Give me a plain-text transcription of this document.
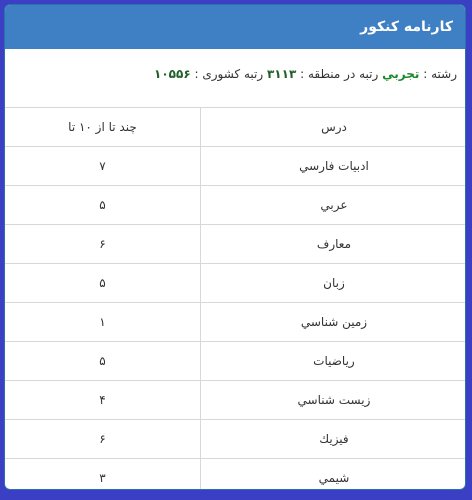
کارنامه کنکور
رشته : تجربي رتبه در منطقه : ۳۱۱۳ رتبه کشوری : ۱۰۵۵۶
درس	چند تا از ۱۰ تا
ادبيات فارسي	۷
عربي	۵
معارف	۶
زبان	۵
زمين شناسي	۱
رياضيات	۵
زيست شناسي	۴
فيزيك	۶
شيمي	۳
